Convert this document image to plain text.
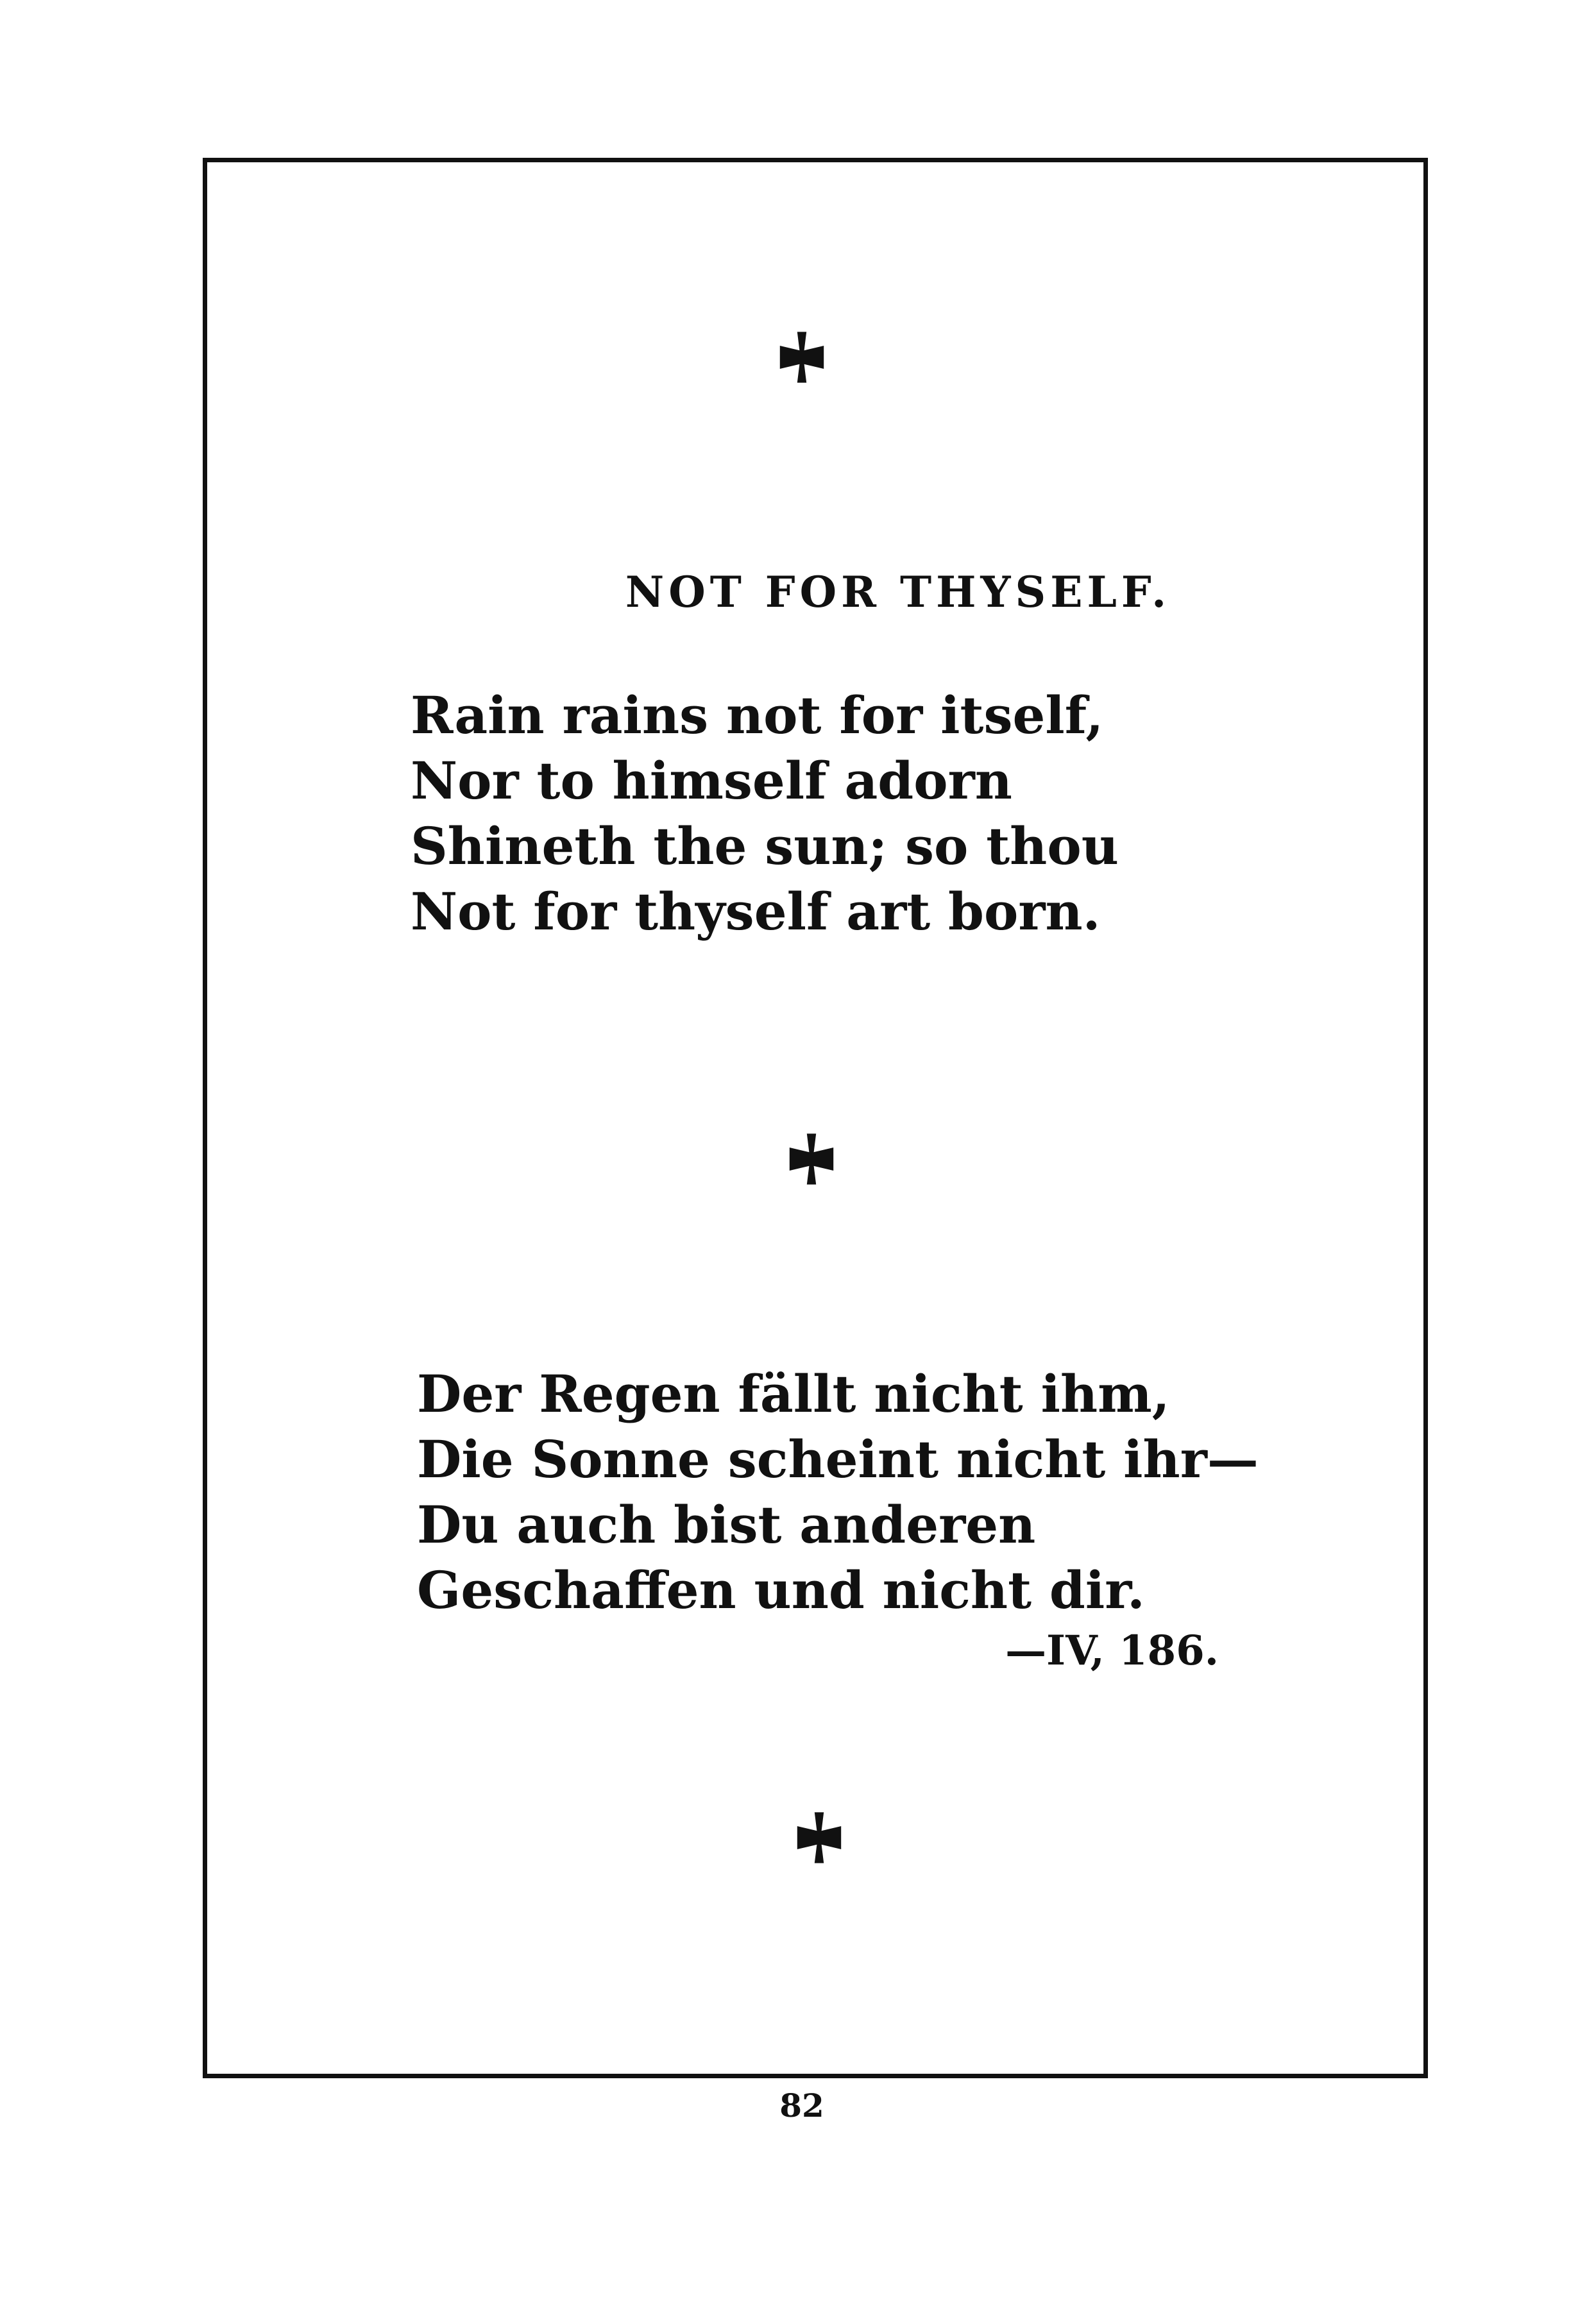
NOT FOR THYSELF.
Rain rains not for itself,
Nor to himself adorn
Shineth the sun; so thou
Not for thyself art born.
Der Regen fällt nicht ihm,
Die Sonne scheint nicht ihr—
Du auch bist anderen
Geschaffen und nicht dir.
—IV, 186.
82
